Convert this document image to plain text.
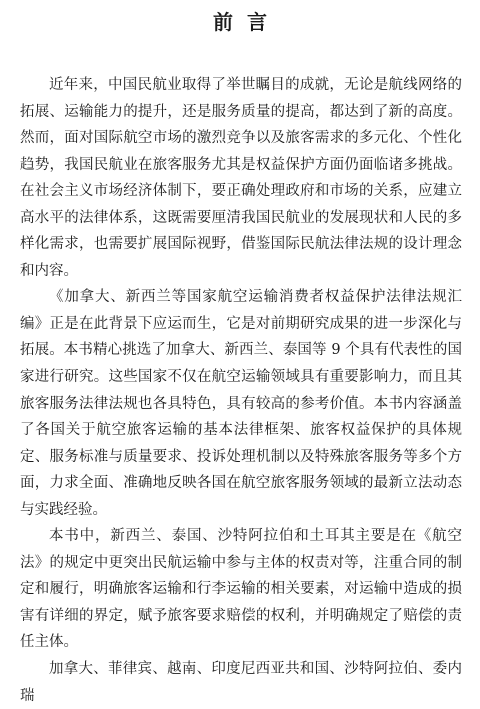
前言

近年来，中国民航业取得了举世瞩目的成就，无论是航线网络的拓展、运输能力的提升，还是服务质量的提高，都达到了新的高度。然而，面对国际航空市场的激烈竞争以及旅客需求的多元化、个性化趋势，我国民航业在旅客服务尤其是权益保护方面仍面临诸多挑战。在社会主义市场经济体制下，要正确处理政府和市场的关系，应建立高水平的法律体系，这既需要厘清我国民航业的发展现状和人民的多样化需求，也需要扩展国际视野，借鉴国际民航法律法规的设计理念和内容。

《加拿大、新西兰等国家航空运输消费者权益保护法律法规汇编》正是在此背景下应运而生，它是对前期研究成果的进一步深化与拓展。本书精心挑选了加拿大、新西兰、泰国等 9 个具有代表性的国家进行研究。这些国家不仅在航空运输领域具有重要影响力，而且其旅客服务法律法规也各具特色，具有较高的参考价值。本书内容涵盖了各国关于航空旅客运输的基本法律框架、旅客权益保护的具体规定、服务标准与质量要求、投诉处理机制以及特殊旅客服务等多个方面，力求全面、准确地反映各国在航空旅客服务领域的最新立法动态与实践经验。

本书中，新西兰、泰国、沙特阿拉伯和土耳其主要是在《航空法》的规定中更突出民航运输中参与主体的权责对等，注重合同的制定和履行，明确旅客运输和行李运输的相关要素，对运输中造成的损害有详细的界定，赋予旅客要求赔偿的权利，并明确规定了赔偿的责任主体。

加拿大、菲律宾、越南、印度尼西亚共和国、沙特阿拉伯、委内瑞
